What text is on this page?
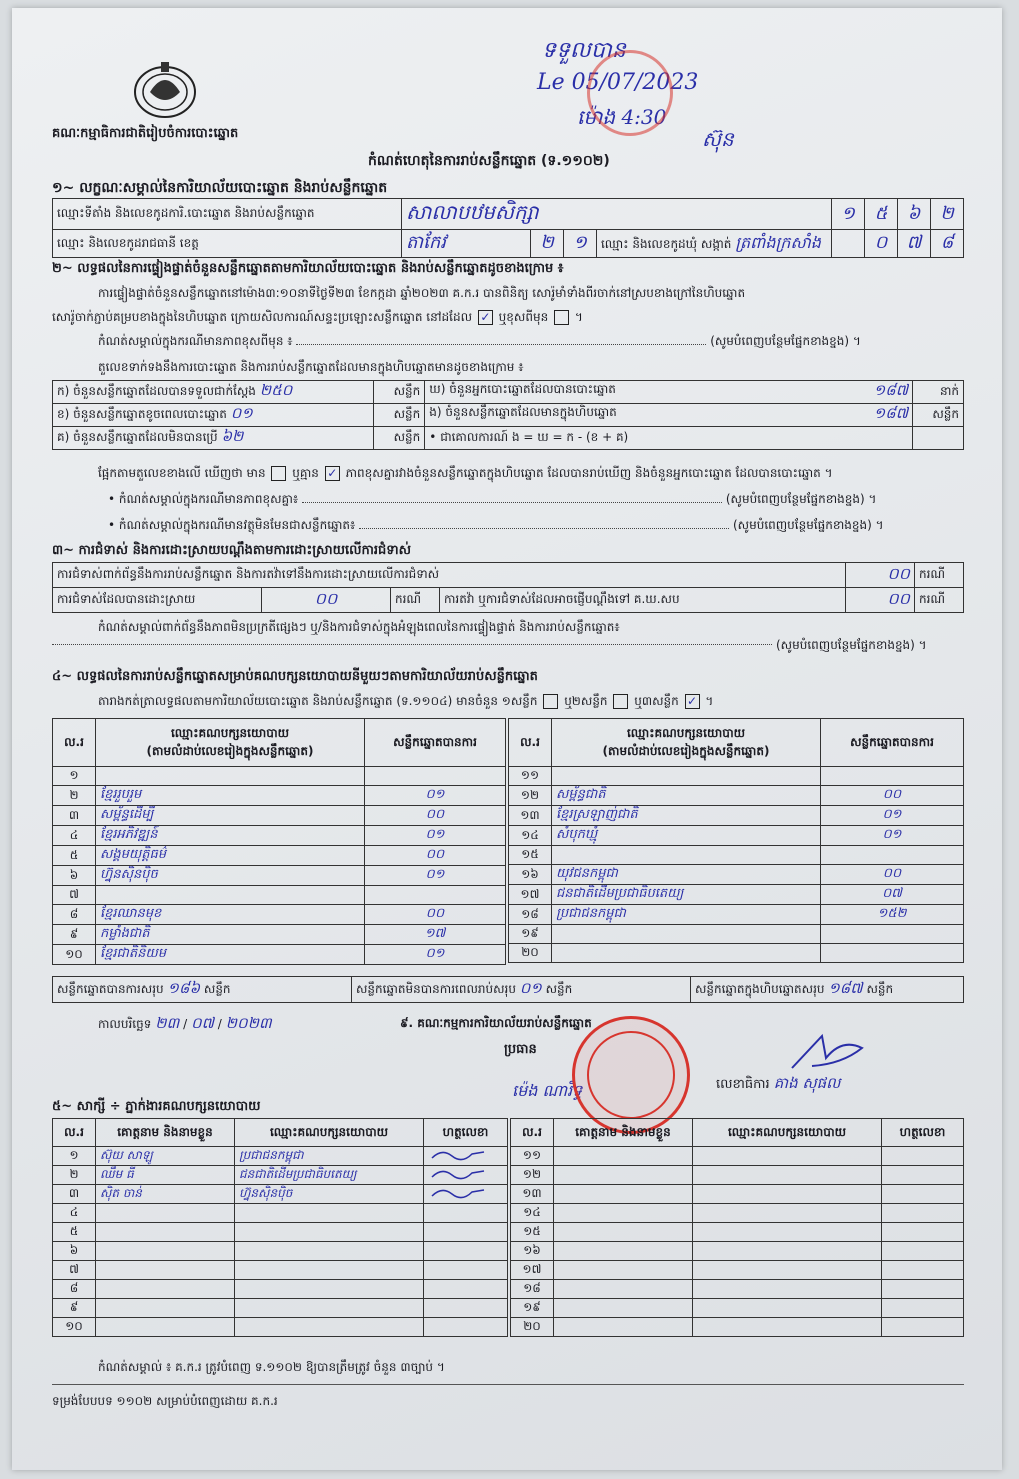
គណៈកម្មាធិការជាតិរៀបចំការបោះឆ្នោត
ទទួលបាន
Le 05/07/2023
ម៉ោង 4:30
ស៊ុន
កំណត់ហេតុនៃការរាប់សន្លឹកឆ្នោត (ទ.១១០២)
១~ លក្ខណៈសម្គាល់នៃការិយាល័យបោះឆ្នោត និងរាប់សន្លឹកឆ្នោត
ឈ្មោះទីតាំង និងលេខកូដការិ.បោះឆ្នោត និងរាប់សន្លឹកឆ្នោត	សាលាបឋមសិក្សា				១	៥	៦	២
ឈ្មោះ និងលេខកូដរាជធានី ខេត្ត	តាកែវ	២	១	ឈ្មោះ និងលេខកូដឃុំ សង្កាត់ ត្រពាំងក្រសាំង		០	៧	៨
២~ លទ្ធផលនៃការផ្ទៀងផ្ទាត់ចំនួនសន្លឹកឆ្នោតតាមការិយាល័យបោះឆ្នោត និងរាប់សន្លឹកឆ្នោតដូចខាងក្រោម ៖
ការផ្ទៀងផ្ទាត់ចំនួនសន្លឹកឆ្នោតនៅម៉ោង៣:១០នាទីថ្ងៃទី២៣ ខែកក្កដា ឆ្នាំ២០២៣ គ.ក.រ បានពិនិត្យ សោរ៉ូមាំទាំងពីរចាក់នៅស្របខាងក្រៅនៃហិបឆ្នោត
សោរ៉ូចាក់ភ្ជាប់គម្របខាងក្នុងនៃហិបឆ្នោត ក្រោយសិលការណ៍សន្ទះប្រឡោះសន្លឹកឆ្នោត នៅដដែល ✓ ឬខុសពីមុន  ។
កំណត់សម្គាល់ក្នុងករណីមានភាពខុសពីមុន ៖	(សូមបំពេញបន្ថែមផ្នែកខាងខ្នង) ។
តួលេខទាក់ទងនឹងការបោះឆ្នោត និងការរាប់សន្លឹកឆ្នោតដែលមានក្នុងហិបឆ្នោតមានដូចខាងក្រោម ៖
ក) ចំនួនសន្លឹកឆ្នោតដែលបានទទួលជាក់ស្តែង ២៥០	សន្លឹក	ឃ) ចំនួនអ្នកបោះឆ្នោតដែលបានបោះឆ្នោត ១៨៧	នាក់
ខ) ចំនួនសន្លឹកឆ្នោតខូចពេលបោះឆ្នោត ០១	សន្លឹក	ង) ចំនួនសន្លឹកឆ្នោតដែលមានក្នុងហិបឆ្នោត ១៨៧	សន្លឹក
គ) ចំនួនសន្លឹកឆ្នោតដែលមិនបានប្រើ ៦២	សន្លឹក	• ជាគោលការណ៍ ង = ឃ = ក - (ខ + គ)	
ផ្អែកតាមតួលេខខាងលើ ឃើញថា មាន ឬគ្មាន ✓ ភាពខុសគ្នារវាងចំនួនសន្លឹកឆ្នោតក្នុងហិបឆ្នោត ដែលបានរាប់ឃើញ និងចំនួនអ្នកបោះឆ្នោត ដែលបានបោះឆ្នោត ។
• កំណត់សម្គាល់ក្នុងករណីមានភាពខុសគ្នា៖	(សូមបំពេញបន្ថែមផ្នែកខាងខ្នង) ។
• កំណត់សម្គាល់ក្នុងករណីមានវត្ថុមិនមែនជាសន្លឹកឆ្នោត៖	(សូមបំពេញបន្ថែមផ្នែកខាងខ្នង) ។
៣~ ការជំទាស់ និងការដោះស្រាយបណ្តឹងតាមការដោះស្រាយលើការជំទាស់
ការជំទាស់ពាក់ព័ន្ធនឹងការរាប់សន្លឹកឆ្នោត និងការតវ៉ាទៅនឹងការដោះស្រាយលើការជំទាស់				០០	ករណី
ការជំទាស់ដែលបានដោះស្រាយ	០០	ករណី	ការតវ៉ា ឬការជំទាស់ដែលអាចផ្ញើបណ្តឹងទៅ គ.ឃ.សប	០០	ករណី
កំណត់សម្គាល់ពាក់ព័ន្ធនឹងភាពមិនប្រក្រតីផ្សេងៗ ឬ/និងការជំទាស់ក្នុងអំឡុងពេលនៃការផ្ទៀងផ្ទាត់ និងការរាប់សន្លឹកឆ្នោត៖
(សូមបំពេញបន្ថែមផ្នែកខាងខ្នង) ។
៤~ លទ្ធផលនៃការរាប់សន្លឹកឆ្នោតសម្រាប់គណបក្សនយោបាយនីមួយៗតាមការិយាល័យរាប់សន្លឹកឆ្នោត
តារាងកត់ត្រាលទ្ធផលតាមការិយាល័យបោះឆ្នោត និងរាប់សន្លឹកឆ្នោត (ទ.១១០៤) មានចំនួន ១សន្លឹក ឬ២សន្លឹក ឬ៣សន្លឹក ✓ ។
ល.រ	ឈ្មោះគណបក្សនយោបាយ
(តាមលំដាប់លេខរៀងក្នុងសន្លឹកឆ្នោត)	សន្លឹកឆ្នោតបានការ
១		
២	ខ្មែររួបរួម	០១
៣	សម្ព័ន្ធដើម្បី	០០
៤	ខ្មែរអភិវឌ្ឍន៍	០១
៥	សង្គមយុត្តិធម៌	០០
៦	ហ្វ៊ុនស៊ិនប៉ិច	០១
៧		
៨	ខ្មែរឈានមុខ	០០
៩	កម្លាំងជាតិ	១៧
១០	ខ្មែរជាតិនិយម	០១
ល.រ	ឈ្មោះគណបក្សនយោបាយ
(តាមលំដាប់លេខរៀងក្នុងសន្លឹកឆ្នោត)	សន្លឹកឆ្នោតបានការ
១១		
១២	សម័្ពន្ធជាតិ	០០
១៣	ខ្មែរស្រឡាញ់ជាតិ	០១
១៤	សំបុកឃ្មុំ	០១
១៥		
១៦	យុវជនកម្ពុជា	០០
១៧	ជនជាតិដើមប្រជាធិបតេយ្យ	០៧
១៨	ប្រជាជនកម្ពុជា	១៥២
១៩		
២០		
សន្លឹកឆ្នោតបានការសរុប ១៨៦ សន្លឹក	សន្លឹកឆ្នោតមិនបានការពេលរាប់សរុប ០១ សន្លឹក	សន្លឹកឆ្នោតក្នុងហិបឆ្នោតសរុប ១៨៧ សន្លឹក
កាលបរិច្ឆេទ ២៣ / ០៧ / ២០២៣	៩. គណៈកម្មការការិយាល័យរាប់សន្លឹកឆ្នោត
ប្រធាន
ម៉េង ណារិទ្ធ	លេខាធិការ គាង សុផល
៥~ សាក្សី ÷ ភ្នាក់ងារគណបក្សនយោបាយ
ល.រ	គោត្តនាម និងនាមខ្លួន	ឈ្មោះគណបក្សនយោបាយ	ហត្ថលេខា
១	ស៊ុយ សាឡូ	ប្រជាជនកម្ពុជា	
២	ឈឹម ធី	ជនជាតិដើមប្រជាធិបតេយ្យ	
៣	ស៊ិត ចាន់	ហ្វ៊ុនស៊ិនប៉ិច	
៤			
៥			
៦			
៧			
៨			
៩			
១០			
ល.រ	គោត្តនាម និងនាមខ្លួន	ឈ្មោះគណបក្សនយោបាយ	ហត្ថលេខា
១១			
១២			
១៣			
១៤			
១៥			
១៦			
១៧			
១៨			
១៩			
២០			
កំណត់សម្គាល់ ៖ គ.ក.រ ត្រូវបំពេញ ទ.១១០២ ឱ្យបានត្រឹមត្រូវ ចំនួន ៣ច្បាប់ ។
ទម្រង់បែបបទ ១១០២ សម្រាប់បំពេញដោយ គ.ក.រ
